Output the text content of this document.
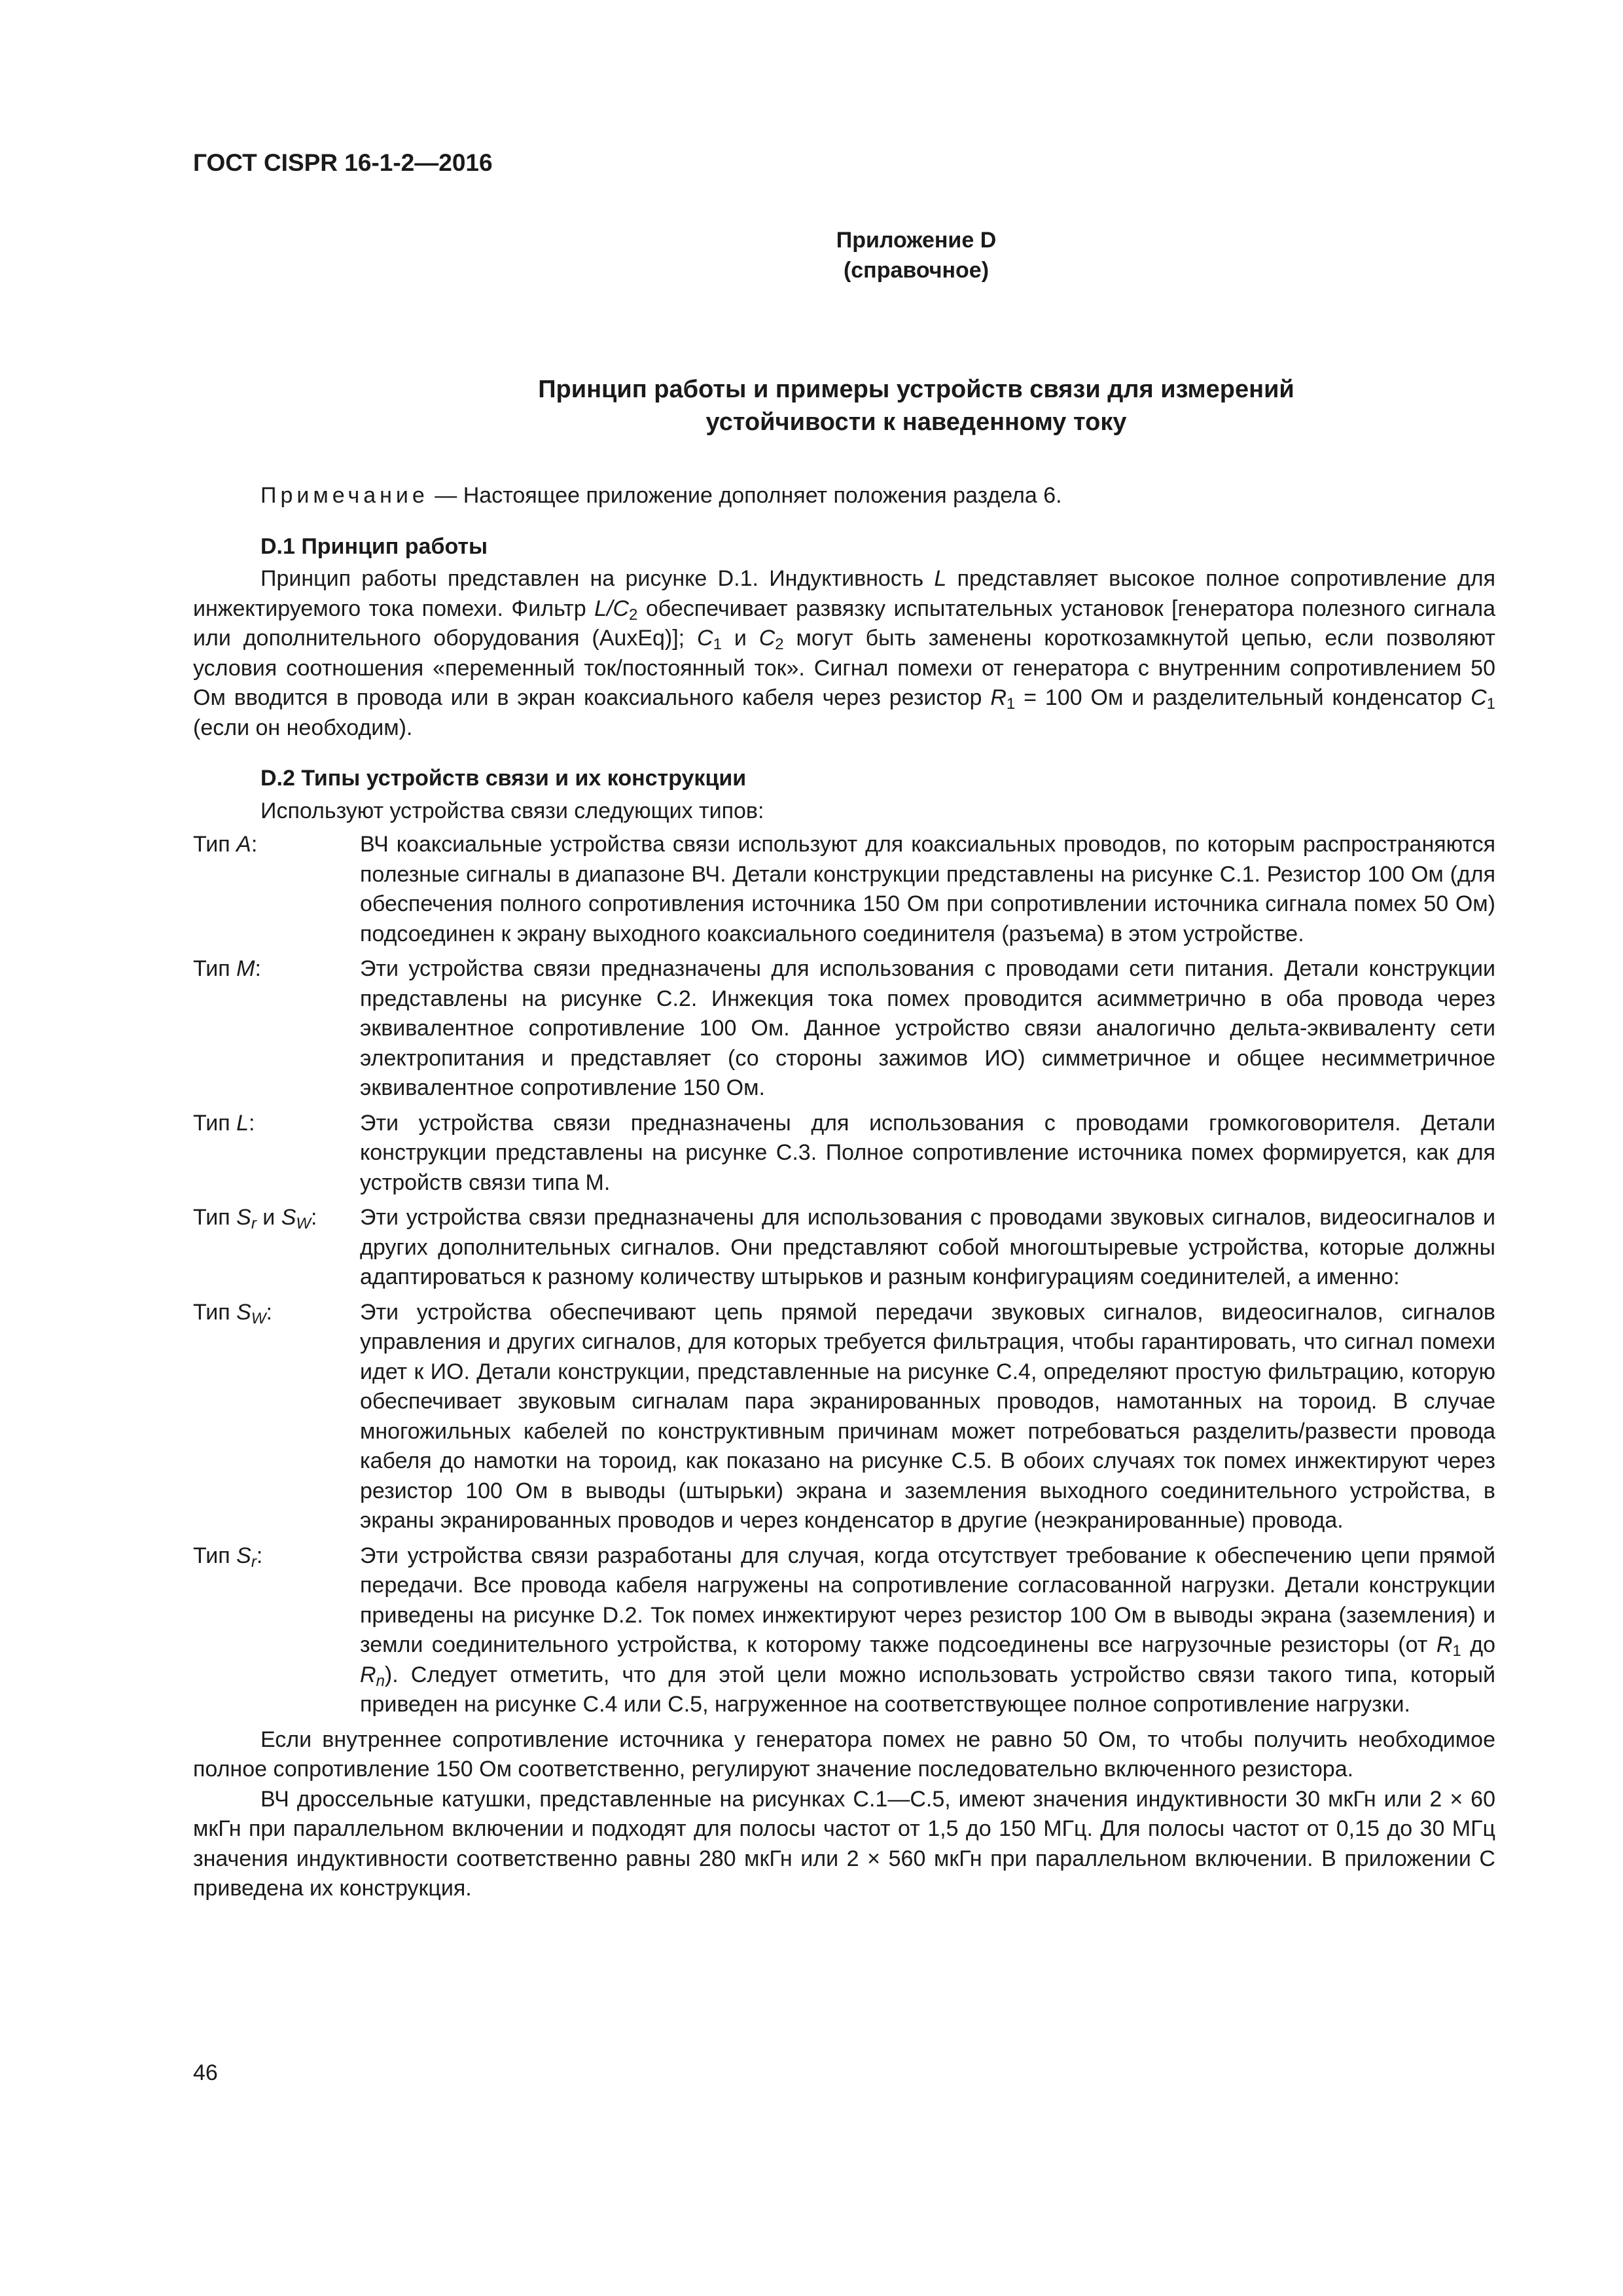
ГОСТ CISPR 16-1-2—2016
Приложение D
(справочное)
Принцип работы и примеры устройств связи для измерений
устойчивости к наведенному току
Примечание — Настоящее приложение дополняет положения раздела 6.
D.1 Принцип работы
Принцип работы представлен на рисунке D.1. Индуктивность L представляет высокое полное сопротивление для инжектируемого тока помехи. Фильтр $L/C_2$ обеспечивает развязку испытательных установок [генератора полезного сигнала или дополнительного оборудования (AuxEq)]; $C_1$ и $C_2$ могут быть заменены короткозамкнутой цепью, если позволяют условия соотношения «переменный ток/постоянный ток». Сигнал помехи от генератора с внутренним сопротивлением 50 Ом вводится в провода или в экран коаксиального кабеля через резистор $R_1 = 100$ Ом и разделительный конденсатор $C_1$ (если он необходим).
D.2 Типы устройств связи и их конструкции
Используют устройства связи следующих типов:
Тип A:	ВЧ коаксиальные устройства связи используют для коаксиальных проводов, по которым распространяются полезные сигналы в диапазоне ВЧ. Детали конструкции представлены на рисунке С.1. Резистор 100 Ом (для обеспечения полного сопротивления источника 150 Ом при сопротивлении источника сигнала помех 50 Ом) подсоединен к экрану выходного коаксиального соединителя (разъема) в этом устройстве.
Тип M:	Эти устройства связи предназначены для использования с проводами сети питания. Детали конструкции представлены на рисунке С.2. Инжекция тока помех проводится асимметрично в оба провода через эквивалентное сопротивление 100 Ом. Данное устройство связи аналогично дельта-эквиваленту сети электропитания и представляет (со стороны зажимов ИО) симметричное и общее несимметричное эквивалентное сопротивление 150 Ом.
Тип L:	Эти устройства связи предназначены для использования с проводами громкоговорителя. Детали конструкции представлены на рисунке С.3. Полное сопротивление источника помех формируется, как для устройств связи типа М.
Тип $S_r$ и $S_W$:	Эти устройства связи предназначены для использования с проводами звуковых сигналов, видеосигналов и других дополнительных сигналов. Они представляют собой многоштыревые устройства, которые должны адаптироваться к разному количеству штырьков и разным конфигурациям соединителей, а именно:
Тип $S_W$:	Эти устройства обеспечивают цепь прямой передачи звуковых сигналов, видеосигналов, сигналов управления и других сигналов, для которых требуется фильтрация, чтобы гарантировать, что сигнал помехи идет к ИО. Детали конструкции, представленные на рисунке С.4, определяют простую фильтрацию, которую обеспечивает звуковым сигналам пара экранированных проводов, намотанных на тороид. В случае многожильных кабелей по конструктивным причинам может потребоваться разделить/развести провода кабеля до намотки на тороид, как показано на рисунке С.5. В обоих случаях ток помех инжектируют через резистор 100 Ом в выводы (штырьки) экрана и заземления выходного соединительного устройства, в экраны экранированных проводов и через конденсатор в другие (неэкранированные) провода.
Тип $S_r$:	Эти устройства связи разработаны для случая, когда отсутствует требование к обеспечению цепи прямой передачи. Все провода кабеля нагружены на сопротивление согласованной нагрузки. Детали конструкции приведены на рисунке D.2. Ток помех инжектируют через резистор 100 Ом в выводы экрана (заземления) и земли соединительного устройства, к которому также подсоединены все нагрузочные резисторы (от $R_1$ до $R_n$). Следует отметить, что для этой цели можно использовать устройство связи такого типа, который приведен на рисунке С.4 или С.5, нагруженное на соответствующее полное сопротивление нагрузки.
Если внутреннее сопротивление источника у генератора помех не равно 50 Ом, то чтобы получить необходимое полное сопротивление 150 Ом соответственно, регулируют значение последовательно включенного резистора.
ВЧ дроссельные катушки, представленные на рисунках С.1—С.5, имеют значения индуктивности 30 мкГн или 2 × 60 мкГн при параллельном включении и подходят для полосы частот от 1,5 до 150 МГц. Для полосы частот от 0,15 до 30 МГц значения индуктивности соответственно равны 280 мкГн или 2 × 560 мкГн при параллельном включении. В приложении С приведена их конструкция.
46
